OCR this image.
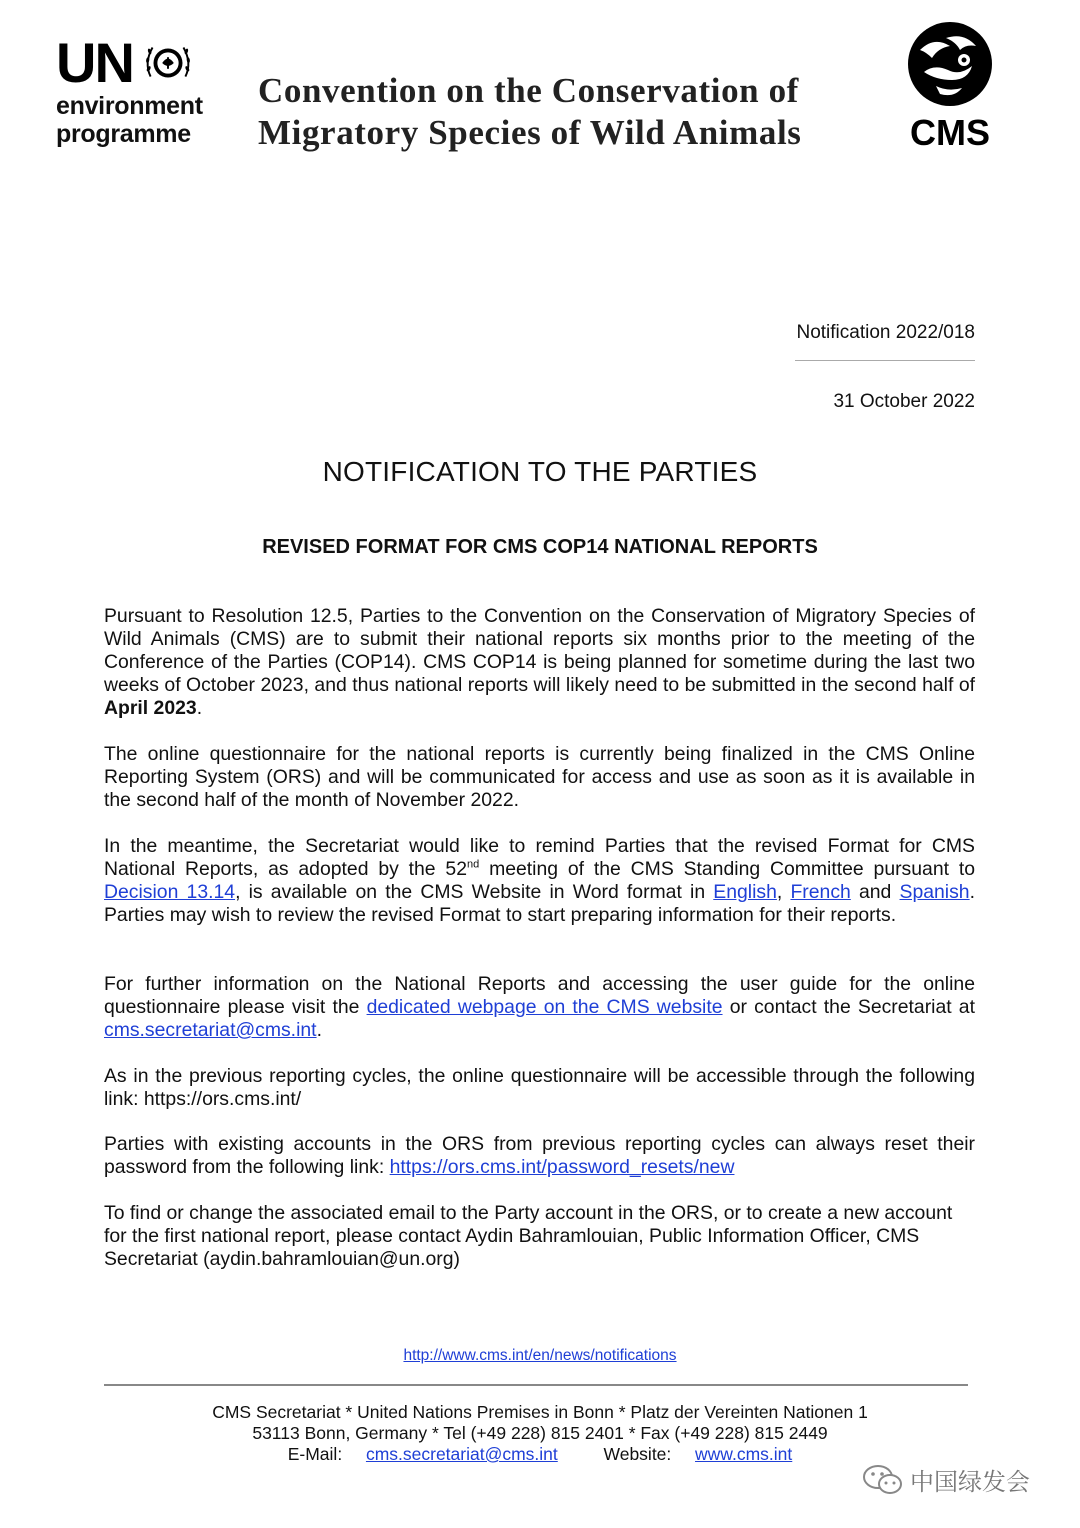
UN
environment
programme
Convention on the Conservation of
Migratory Species of Wild Animals	CMS
Notification 2022/018
31 October 2022
NOTIFICATION TO THE PARTIES
REVISED FORMAT FOR CMS COP14 NATIONAL REPORTS
Pursuant to Resolution 12.5, Parties to the Convention on the Conservation of Migratory Species of Wild Animals (CMS) are to submit their national reports six months prior to the meeting of the Conference of the Parties (COP14). CMS COP14 is being planned for sometime during the last two weeks of October 2023, and thus national reports will likely need to be submitted in the second half of April 2023.
The online questionnaire for the national reports is currently being finalized in the CMS Online Reporting System (ORS) and will be communicated for access and use as soon as it is available in the second half of the month of November 2022.
In the meantime, the Secretariat would like to remind Parties that the revised Format for CMS National Reports, as adopted by the 52nd meeting of the CMS Standing Committee pursuant to Decision 13.14, is available on the CMS Website in Word format in English, French and Spanish. Parties may wish to review the revised Format to start preparing information for their reports.
For further information on the National Reports and accessing the user guide for the online questionnaire please visit the dedicated webpage on the CMS website or contact the Secretariat at cms.secretariat@cms.int.
As in the previous reporting cycles, the online questionnaire will be accessible through the following link: https://ors.cms.int/
Parties with existing accounts in the ORS from previous reporting cycles can always reset their password from the following link: https://ors.cms.int/password_resets/new
To find or change the associated email to the Party account in the ORS, or to create a new account for the first national report, please contact Aydin Bahramlouian, Public Information Officer, CMS Secretariat (aydin.bahramlouian@un.org)
http://www.cms.int/en/news/notifications
CMS Secretariat * United Nations Premises in Bonn * Platz der Vereinten Nationen 1
53113 Bonn, Germany * Tel (+49 228) 815 2401 * Fax (+49 228) 815 2449
E-Mail: cms.secretariat@cms.int	Website: www.cms.int
中国绿发会
